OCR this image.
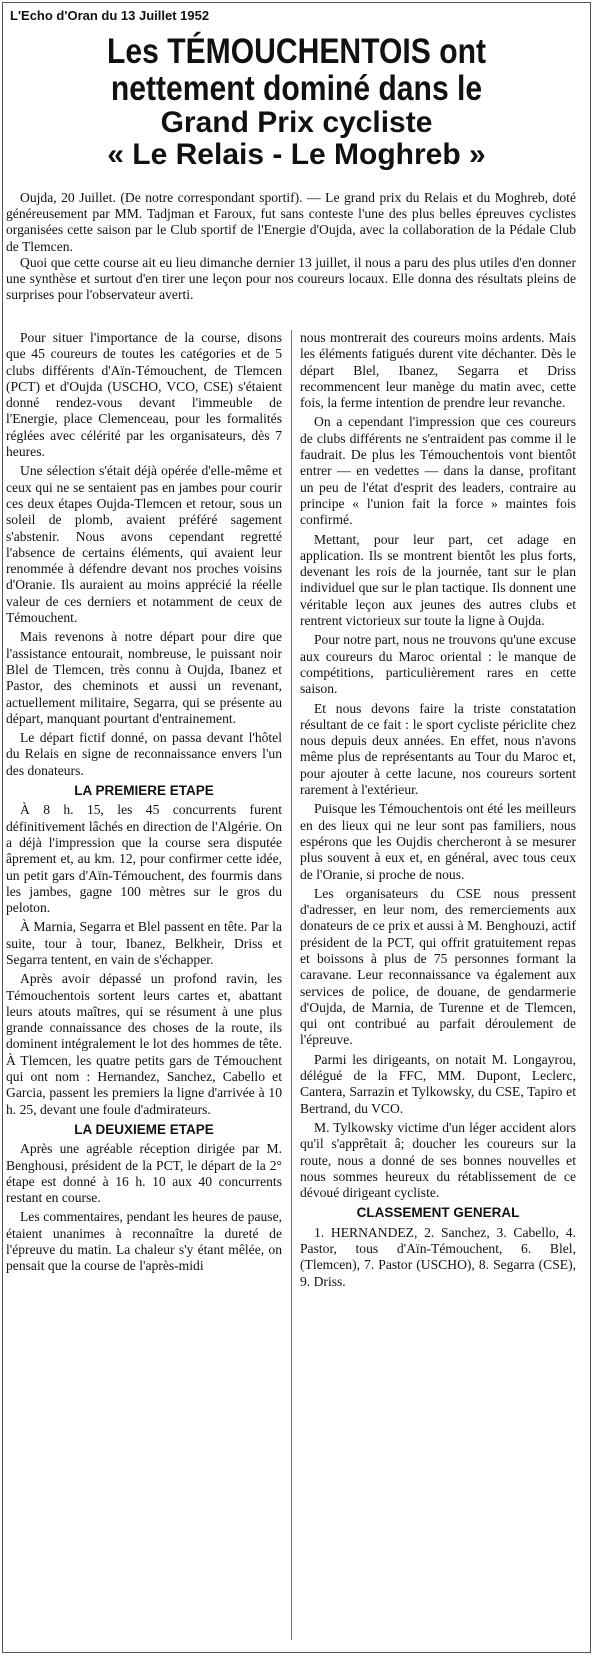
L'Echo d'Oran du 13 Juillet 1952
Les TÉMOUCHENTOIS ont
nettement dominé dans le
Grand Prix cycliste
« Le Relais - Le Moghreb »

Oujda, 20 Juillet. (De notre correspondant sportif). — Le grand prix du Relais et du Moghreb, doté généreusement par MM. Tadjman et Faroux, fut sans conteste l'une des plus belles épreuves cyclistes organisées cette saison par le Club sportif de l'Energie d'Oujda, avec la collaboration de la Pédale Club de Tlemcen.

Quoi que cette course ait eu lieu dimanche dernier 13 juillet, il nous a paru des plus utiles d'en donner une synthèse et surtout d'en tirer une leçon pour nos coureurs locaux. Elle donna des résultats pleins de surprises pour l'observateur averti.

Pour situer l'importance de la course, disons que 45 coureurs de toutes les catégories et de 5 clubs différents d'Aïn-Témouchent, de Tlemcen (PCT) et d'Oujda (USCHO, VCO, CSE) s'étaient donné rendez-vous devant l'immeuble de l'Energie, place Clemenceau, pour les formalités réglées avec célérité par les organisateurs, dès 7 heures.

Une sélection s'était déjà opérée d'elle-même et ceux qui ne se sentaient pas en jambes pour courir ces deux étapes Oujda-Tlemcen et retour, sous un soleil de plomb, avaient préféré sagement s'abstenir. Nous avons cependant regretté l'absence de certains éléments, qui avaient leur renommée à défendre devant nos proches voisins d'Oranie. Ils auraient au moins apprécié la réelle valeur de ces derniers et notamment de ceux de Témouchent.

Mais revenons à notre départ pour dire que l'assistance entourait, nombreuse, le puissant noir Blel de Tlemcen, très connu à Oujda, Ibanez et Pastor, des cheminots et aussi un revenant, actuellement militaire, Segarra, qui se présente au départ, manquant pourtant d'entrainement.

Le départ fictif donné, on passa devant l'hôtel du Relais en signe de reconnaissance envers l'un des donateurs.

LA PREMIERE ETAPE

À 8 h. 15, les 45 concurrents furent définitivement lâchés en direction de l'Algérie. On a déjà l'impression que la course sera disputée âprement et, au km. 12, pour confirmer cette idée, un petit gars d'Aïn-Témouchent, des fourmis dans les jambes, gagne 100 mètres sur le gros du peloton.

À Marnia, Segarra et Blel passent en tête. Par la suite, tour à tour, Ibanez, Belkheir, Driss et Segarra tentent, en vain de s'échapper.

Après avoir dépassé un profond ravin, les Témouchentois sortent leurs cartes et, abattant leurs atouts maîtres, qui se résument à une plus grande connaissance des choses de la route, ils dominent intégralement le lot des hommes de tête. À Tlemcen, les quatre petits gars de Témouchent qui ont nom : Hernandez, Sanchez, Cabello et Garcia, passent les premiers la ligne d'arrivée à 10 h. 25, devant une foule d'admirateurs.

LA DEUXIEME ETAPE

Après une agréable réception dirigée par M. Benghousi, président de la PCT, le départ de la 2° étape est donné à 16 h. 10 aux 40 concurrents restant en course.

Les commentaires, pendant les heures de pause, étaient unanimes à reconnaître la dureté de l'épreuve du matin. La chaleur s'y étant mêlée, on pensait que la course de l'après-midi

nous montrerait des coureurs moins ardents. Mais les éléments fatigués durent vite déchanter. Dès le départ Blel, Ibanez, Segarra et Driss recommencent leur manège du matin avec, cette fois, la ferme intention de prendre leur revanche.

On a cependant l'impression que ces coureurs de clubs différents ne s'entraident pas comme il le faudrait. De plus les Témouchentois vont bientôt entrer — en vedettes — dans la danse, profitant un peu de l'état d'esprit des leaders, contraire au principe « l'union fait la force » maintes fois confirmé.

Mettant, pour leur part, cet adage en application. Ils se montrent bientôt les plus forts, devenant les rois de la journée, tant sur le plan individuel que sur le plan tactique. Ils donnent une véritable leçon aux jeunes des autres clubs et rentrent victorieux sur toute la ligne à Oujda.

Pour notre part, nous ne trouvons qu'une excuse aux coureurs du Maroc oriental : le manque de compétitions, particulièrement rares en cette saison.

Et nous devons faire la triste constatation résultant de ce fait : le sport cycliste périclite chez nous depuis deux années. En effet, nous n'avons même plus de représentants au Tour du Maroc et, pour ajouter à cette lacune, nos coureurs sortent rarement à l'extérieur.

Puisque les Témouchentois ont été les meilleurs en des lieux qui ne leur sont pas familiers, nous espérons que les Oujdis chercheront à se mesurer plus souvent à eux et, en général, avec tous ceux de l'Oranie, si proche de nous.

Les organisateurs du CSE nous pressent d'adresser, en leur nom, des remerciements aux donateurs de ce prix et aussi à M. Benghouzi, actif président de la PCT, qui offrit gratuitement repas et boissons à plus de 75 personnes formant la caravane. Leur reconnaissance va également aux services de police, de douane, de gendarmerie d'Oujda, de Marnia, de Turenne et de Tlemcen, qui ont contribué au parfait déroulement de l'épreuve.

Parmi les dirigeants, on notait M. Longayrou, délégué de la FFC, MM. Dupont, Leclerc, Cantera, Sarrazin et Tylkowsky, du CSE, Tapiro et Bertrand, du VCO.

M. Tylkowsky victime d'un léger accident alors qu'il s'apprêtait â; doucher les coureurs sur la route, nous a donné de ses bonnes nouvelles et nous sommes heureux du rétablissement de ce dévoué dirigeant cycliste.

CLASSEMENT GENERAL

1. HERNANDEZ, 2. Sanchez, 3. Cabello, 4. Pastor, tous d'Aïn-Témouchent, 6. Blel, (Tlemcen), 7. Pastor (USCHO), 8. Segarra (CSE), 9. Driss.
